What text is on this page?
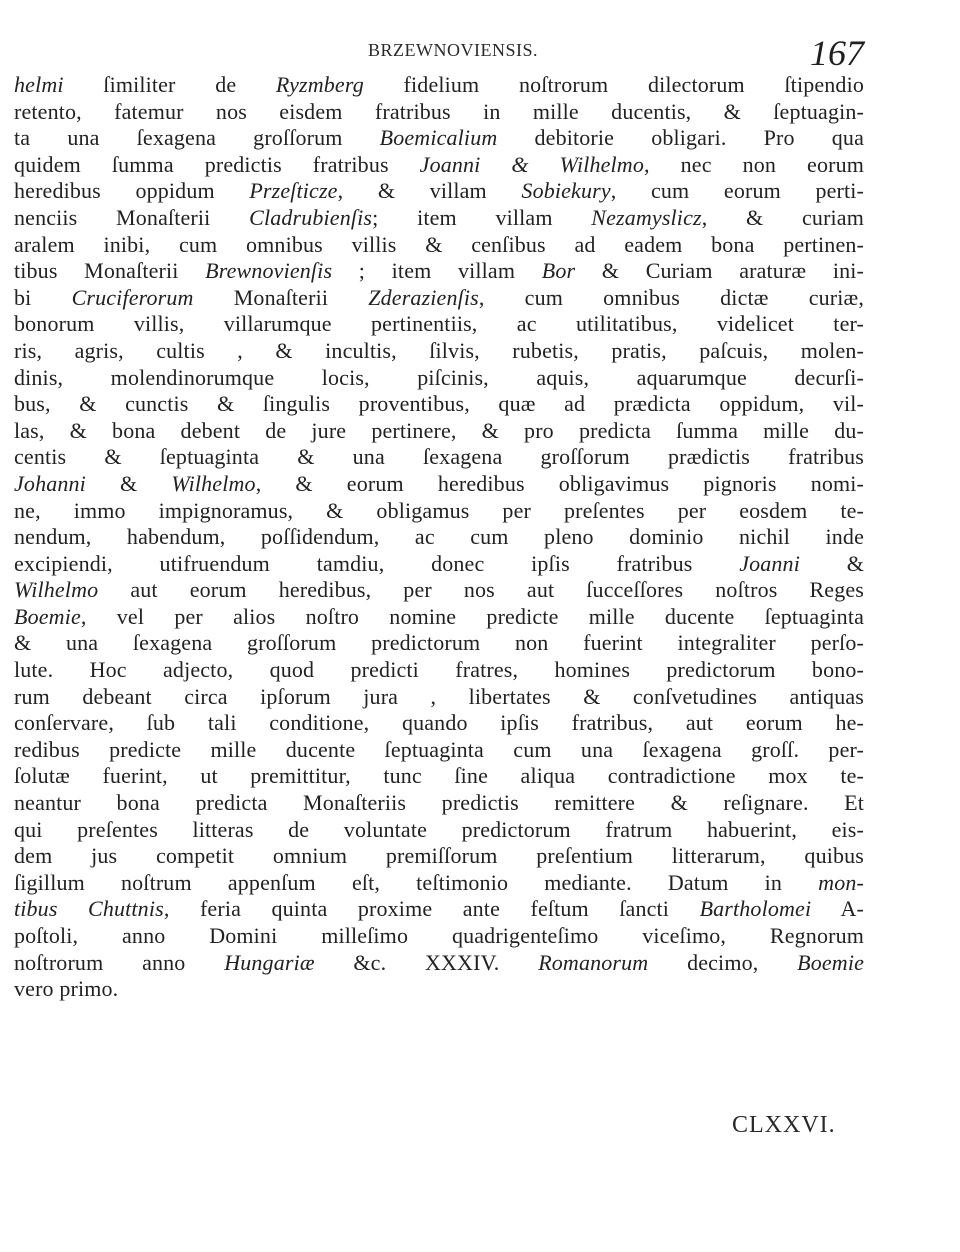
BRZEWNOVIENSIS.	167
helmi ſimiliter de Ryzmberg fidelium noſtrorum dilectorum ſtipendio
retento, fatemur nos eisdem fratribus in mille ducentis, & ſeptuagin-
ta una ſexagena groſſorum Boemicalium debitorie obligari. Pro qua
quidem ſumma predictis fratribus Joanni & Wilhelmo, nec non eorum
heredibus oppidum Przeſticze, & villam Sobiekury, cum eorum perti-
nenciis Monaſterii Cladrubienſis; item villam Nezamyslicz, & curiam
aralem inibi, cum omnibus villis & cenſibus ad eadem bona pertinen-
tibus Monaſterii Brewnovienſis ; item villam Bor & Curiam araturæ ini-
bi Cruciferorum Monaſterii Zderazienſis, cum omnibus dictæ curiæ,
bonorum villis, villarumque pertinentiis, ac utilitatibus, videlicet ter-
ris, agris, cultis , & incultis, ſilvis, rubetis, pratis, paſcuis, molen-
dinis, molendinorumque locis, piſcinis, aquis, aquarumque decurſi-
bus, & cunctis & ſingulis proventibus, quæ ad prædicta oppidum, vil-
las, & bona debent de jure pertinere, & pro predicta ſumma mille du-
centis & ſeptuaginta & una ſexagena groſſorum prædictis fratribus
Johanni & Wilhelmo, & eorum heredibus obligavimus pignoris nomi-
ne, immo impignoramus, & obligamus per preſentes per eosdem te-
nendum, habendum, poſſidendum, ac cum pleno dominio nichil inde
excipiendi, utifruendum tamdiu, donec ipſis fratribus Joanni &
Wilhelmo aut eorum heredibus, per nos aut ſucceſſores noſtros Reges
Boemie, vel per alios noſtro nomine predicte mille ducente ſeptuaginta
& una ſexagena groſſorum predictorum non fuerint integraliter perſo-
lute. Hoc adjecto, quod predicti fratres, homines predictorum bono-
rum debeant circa ipſorum jura , libertates & conſvetudines antiquas
conſervare, ſub tali conditione, quando ipſis fratribus, aut eorum he-
redibus predicte mille ducente ſeptuaginta cum una ſexagena groſſ. per-
ſolutæ fuerint, ut premittitur, tunc ſine aliqua contradictione mox te-
neantur bona predicta Monaſteriis predictis remittere & reſignare. Et
qui preſentes litteras de voluntate predictorum fratrum habuerint, eis-
dem jus competit omnium premiſſorum preſentium litterarum, quibus
ſigillum noſtrum appenſum eſt, teſtimonio mediante. Datum in mon-
tibus Chuttnis, feria quinta proxime ante feſtum ſancti Bartholomei A-
poſtoli, anno Domini milleſimo quadrigenteſimo viceſimo, Regnorum
noſtrorum anno Hungariæ &c. XXXIV. Romanorum decimo, Boemie
vero primo.
CLXXVI.
